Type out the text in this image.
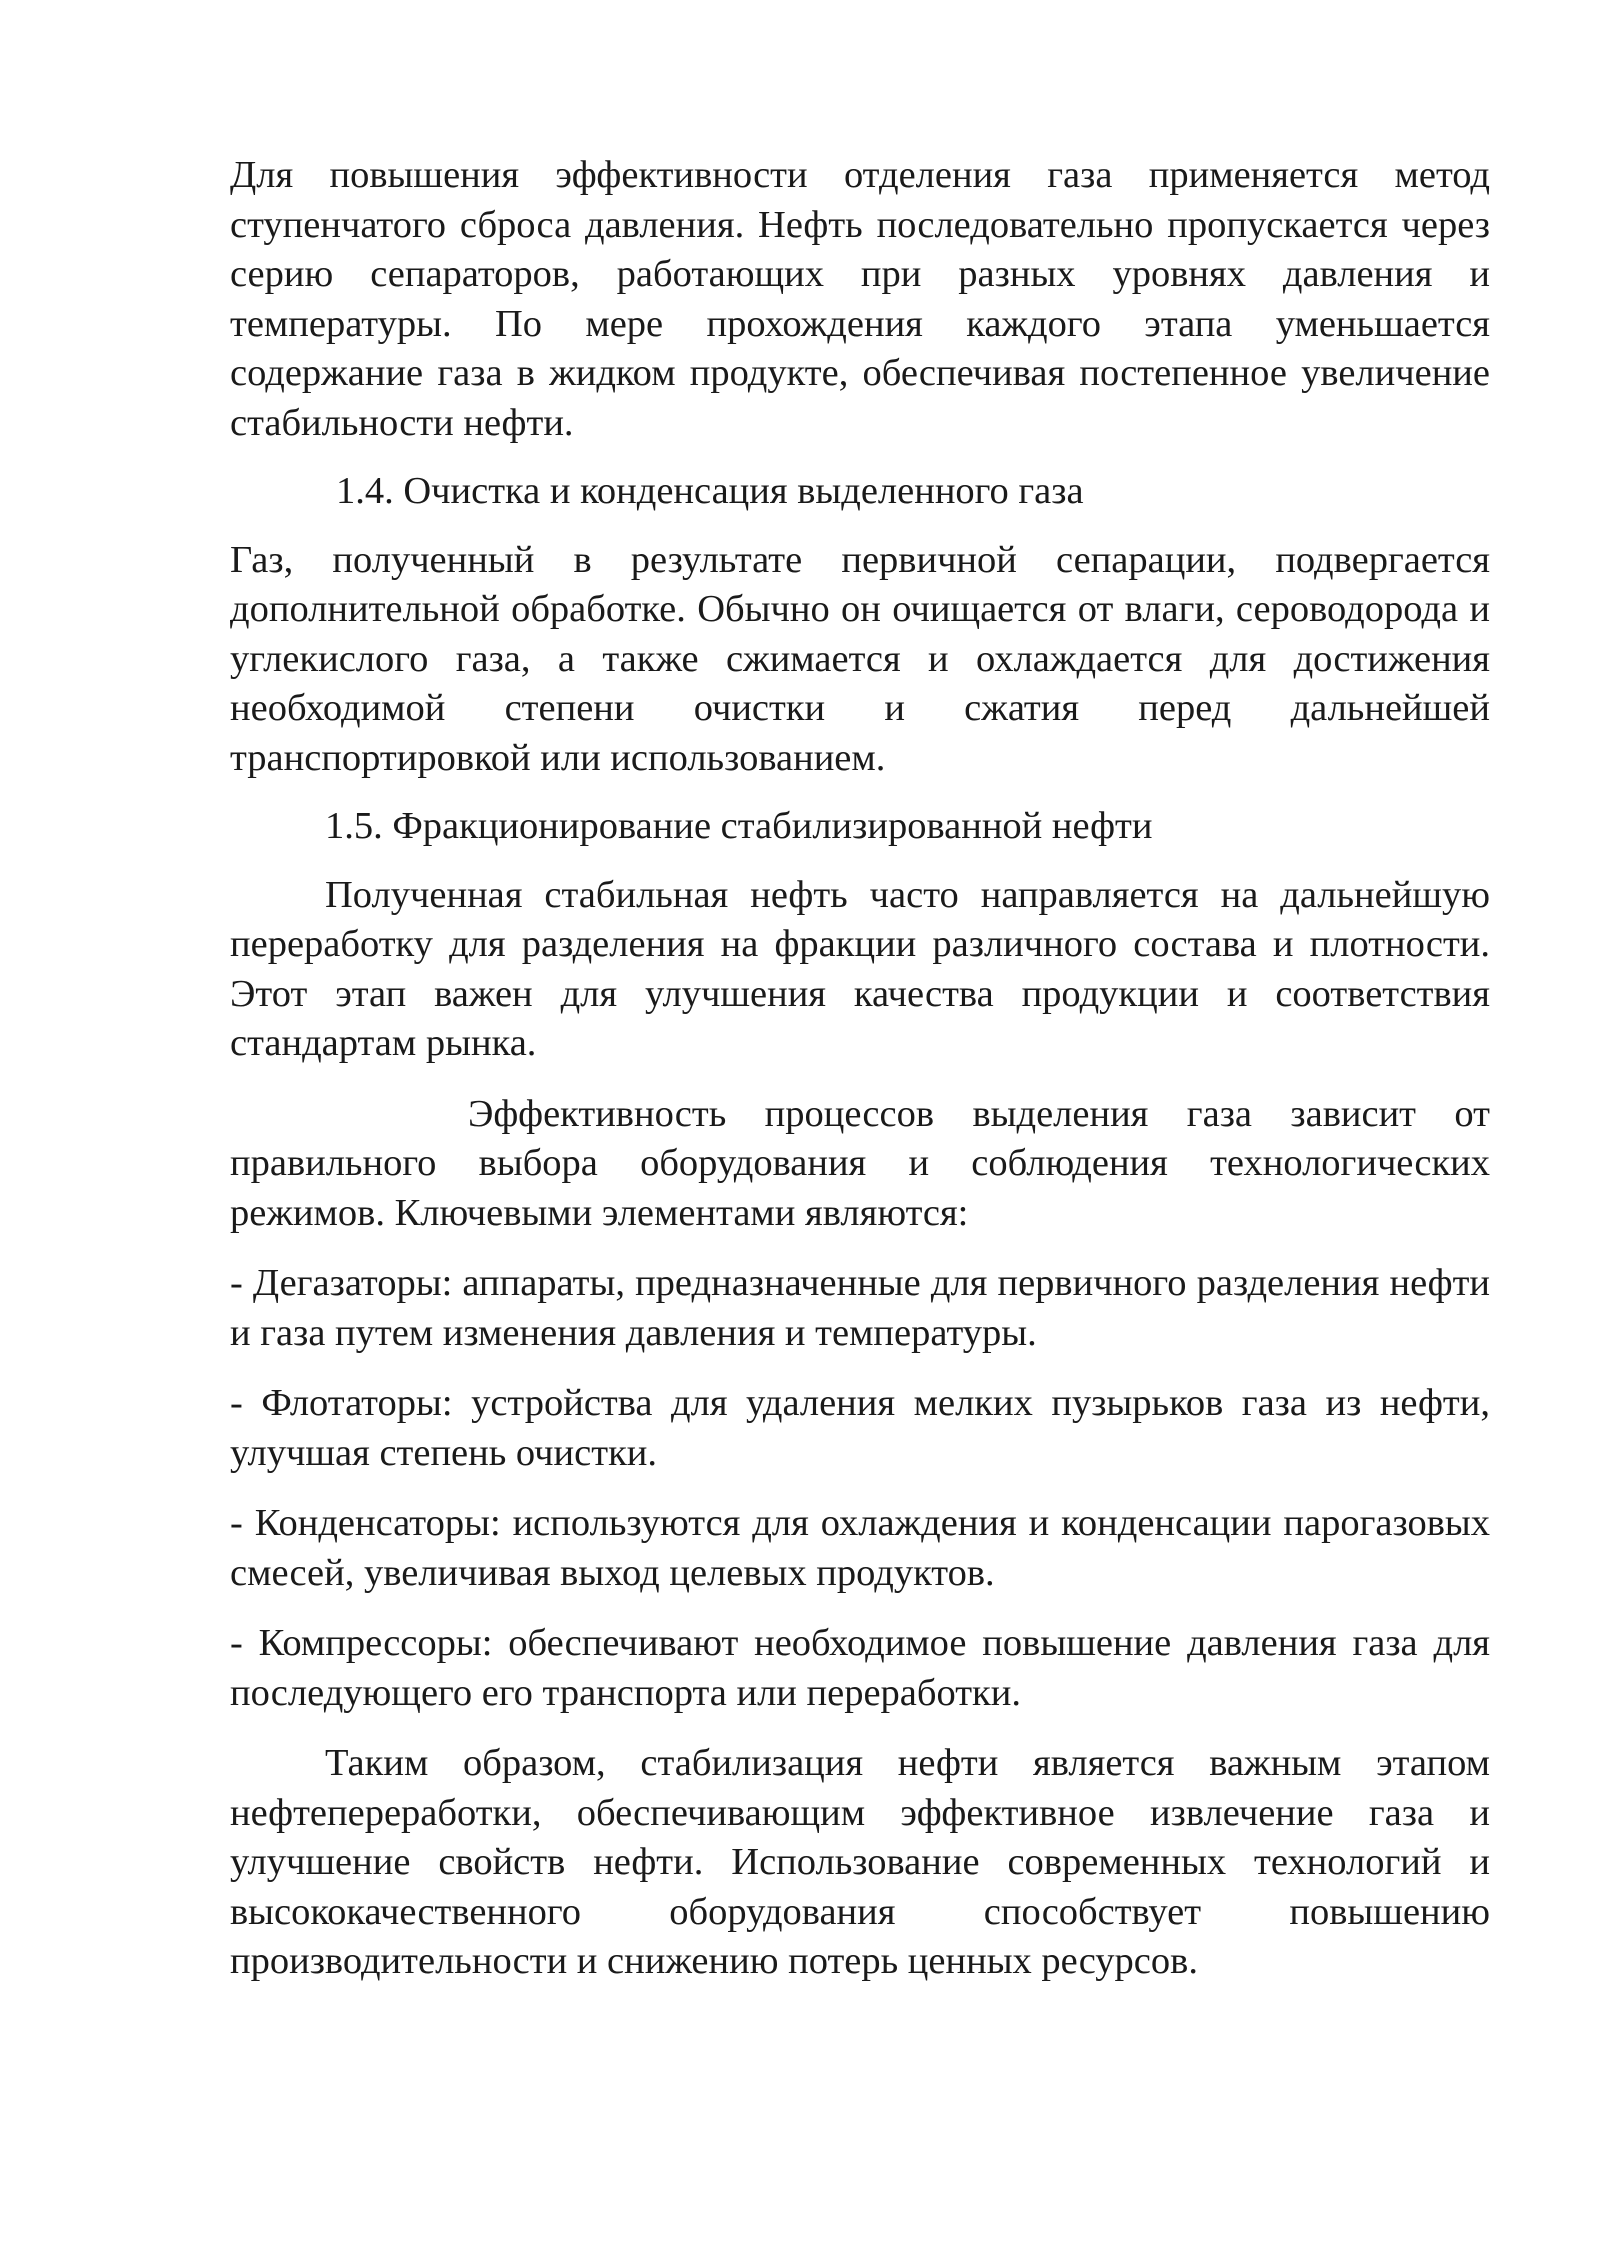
Для повышения эффективности отделения газа применяется метод ступенчатого сброса давления. Нефть последовательно пропускается через серию сепараторов, работающих при разных уровнях давления и температуры. По мере прохождения каждого этапа уменьшается содержание газа в жидком продукте, обеспечивая постепенное увеличение стабильности нефти.

1.4. Очистка и конденсация выделенного газа

Газ, полученный в результате первичной сепарации, подвергается дополнительной обработке. Обычно он очищается от влаги, сероводорода и углекислого газа, а также сжимается и охлаждается для достижения необходимой степени очистки и сжатия перед дальнейшей транспортировкой или использованием.

1.5. Фракционирование стабилизированной нефти

Полученная стабильная нефть часто направляется на дальнейшую переработку для разделения на фракции различного состава и плотности. Этот этап важен для улучшения качества продукции и соответствия стандартам рынка.

Эффективность процессов выделения газа зависит от правильного выбора оборудования и соблюдения технологических режимов. Ключевыми элементами являются:

- Дегазаторы: аппараты, предназначенные для первичного разделения нефти и газа путем изменения давления и температуры.

- Флотаторы: устройства для удаления мелких пузырьков газа из нефти, улучшая степень очистки.

- Конденсаторы: используются для охлаждения и конденсации парогазовых смесей, увеличивая выход целевых продуктов.

- Компрессоры: обеспечивают необходимое повышение давления газа для последующего его транспорта или переработки.

Таким образом, стабилизация нефти является важным этапом нефтепереработки, обеспечивающим эффективное извлечение газа и улучшение свойств нефти. Использование современных технологий и высококачественного оборудования способствует повышению производительности и снижению потерь ценных ресурсов.
